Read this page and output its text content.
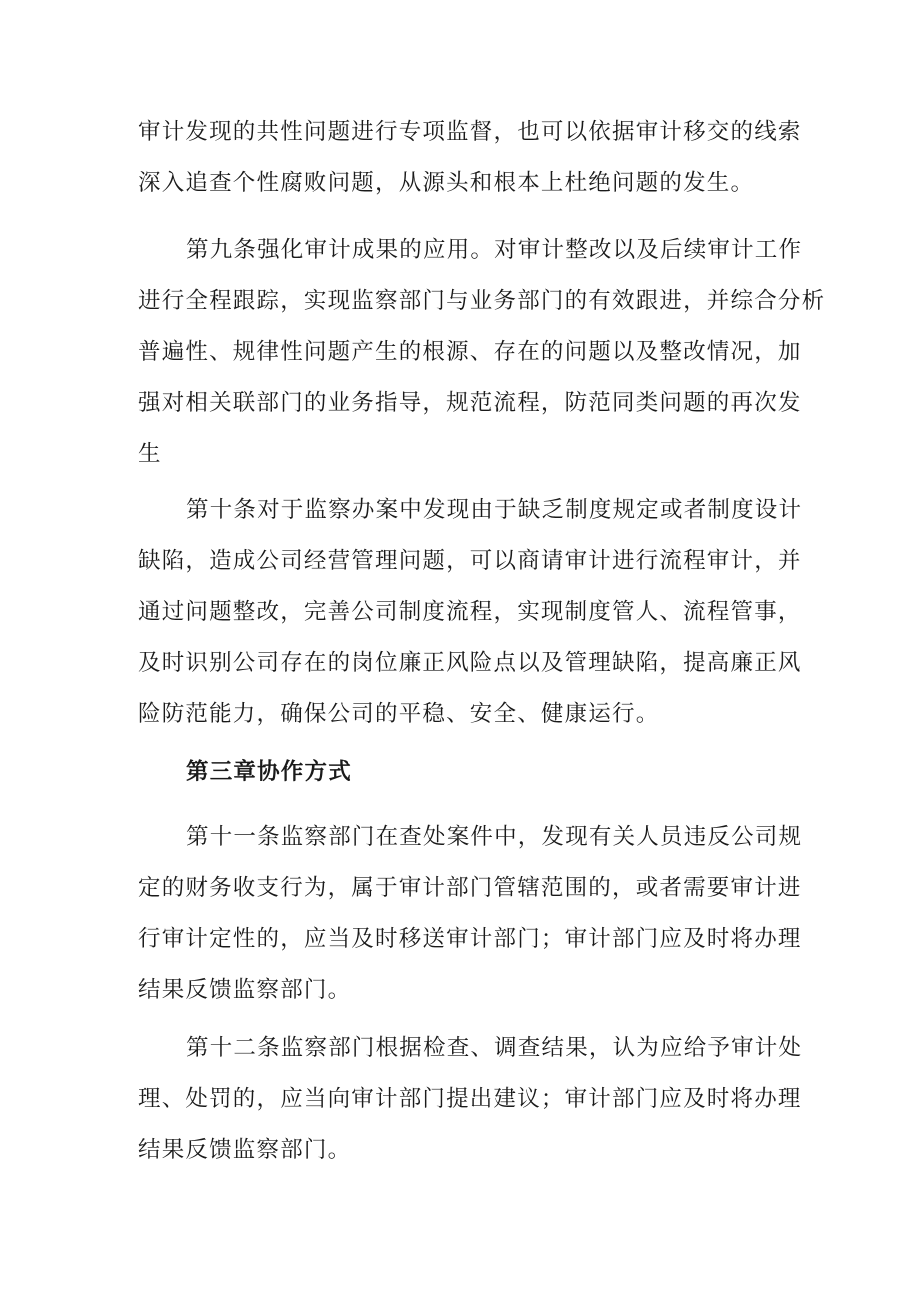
审计发现的共性问题进行专项监督，也可以依据审计移交的线索
深入追查个性腐败问题，从源头和根本上杜绝问题的发生。

第九条强化审计成果的应用。对审计整改以及后续审计工作
进行全程跟踪，实现监察部门与业务部门的有效跟进，并综合分析
普遍性、规律性问题产生的根源、存在的问题以及整改情况，加
强对相关联部门的业务指导，规范流程，防范同类问题的再次发
生

第十条对于监察办案中发现由于缺乏制度规定或者制度设计
缺陷，造成公司经营管理问题，可以商请审计进行流程审计，并
通过问题整改，完善公司制度流程，实现制度管人、流程管事，
及时识别公司存在的岗位廉正风险点以及管理缺陷，提高廉正风
险防范能力，确保公司的平稳、安全、健康运行。

第三章协作方式

第十一条监察部门在查处案件中，发现有关人员违反公司规
定的财务收支行为，属于审计部门管辖范围的，或者需要审计进
行审计定性的，应当及时移送审计部门；审计部门应及时将办理
结果反馈监察部门。

第十二条监察部门根据检查、调查结果，认为应给予审计处
理、处罚的，应当向审计部门提出建议；审计部门应及时将办理
结果反馈监察部门。
